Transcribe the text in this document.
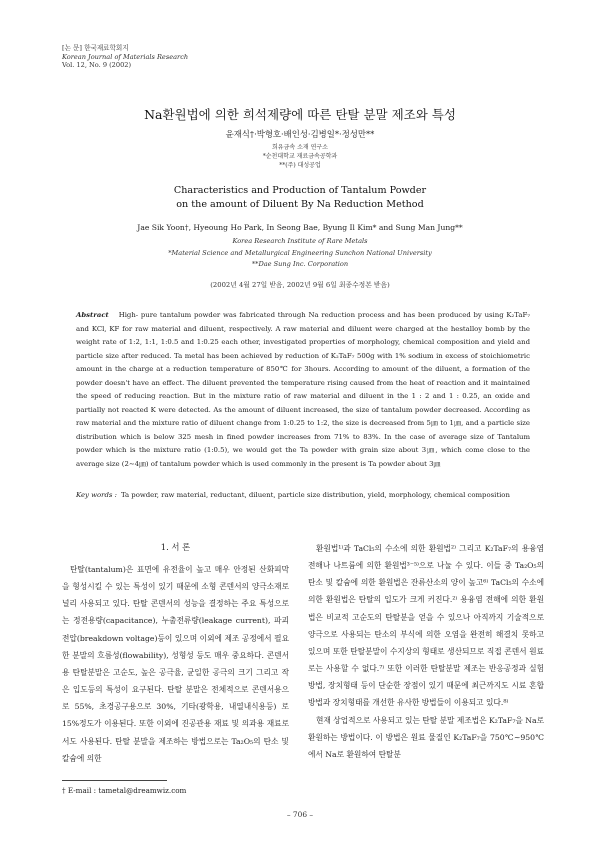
[논 문] 한국재료학회지
Korean Journal of Materials Research
Vol. 12, No. 9 (2002)
Na환원법에 의한 희석제량에 따른 탄탈 분말 제조와 특성
윤재식†·박형호·배인성·김병일*·정성만**
희유금속 소재 연구소
*순천대학교 재료금속공학과
**(주) 대성공업
Characteristics and Production of Tantalum Powder
on the amount of Diluent By Na Reduction Method
Jae Sik Yoon†, Hyeoung Ho Park, In Seong Bae, Byung Il Kim* and Sung Man Jung**
Korea Research Institute of Rare Metals
*Material Science and Metallurgical Engineering Sunchon National University
**Dae Sung Inc. Corporation
(2002년 4월 27일 받음, 2002년 9월 6일 최종수정본 받음)
Abstract High- pure tantalum powder was fabricated through Na reduction process and has been produced by using K₂TaF₇ and KCl, KF for raw material and diluent, respectively. A raw material and diluent were charged at the hestalloy bomb by the weight rate of 1:2, 1:1, 1:0.5 and 1:0.25 each other, investigated properties of morphology, chemical composition and yield and particle size after reduced. Ta metal has been achieved by reduction of K₂TaF₇ 500g with 1% sodium in excess of stoichiometric amount in the charge at a reduction temperature of 850℃ for 3hours. According to amount of the diluent, a formation of the powder doesn't have an effect. The diluent prevented the temperature rising caused from the heat of reaction and it maintained the speed of reducing reaction. But in the mixture ratio of raw material and diluent in the 1 : 2 and 1 : 0.25, an oxide and partially not reacted K were detected. As the amount of diluent increased, the size of tantalum powder decreased. According as raw material and the mixture ratio of diluent change from 1:0.25 to 1:2, the size is decreased from 5㎛ to 1㎛, and a particle size distribution which is below 325 mesh in fined powder increases from 71% to 83%. In the case of average size of Tantalum powder which is the mixture ratio (1:0.5), we would get the Ta powder with grain size about 3㎛, which come close to the average size (2∼4㎛) of tantalum powder which is used commonly in the present is Ta powder about 3㎛
Key words : Ta powder, raw material, reductant, diluent, particle size distribution, yield, morphology, chemical composition
1. 서 론

탄탈(tantalum)은 표면에 유전율이 높고 매우 안정된 산화피막을 형성시킬 수 있는 특성이 있기 때문에 소형 콘덴서의 양극소재로 널리 사용되고 있다. 탄탈 콘덴서의 성능을 결정하는 주요 특성으로는 정전용량(capacitance), 누출전류량(leakage current), 파괴전압(breakdown voltage)등이 있으며 이외에 제조 공정에서 필요한 분말의 흐름성(flowability), 성형성 등도 매우 중요하다. 콘덴서용 탄탈분말은 고순도, 높은 공극율, 균일한 공극의 크기 그리고 작은 입도등의 특성이 요구된다. 탄탈 분말은 전체적으로 콘덴서용으로 55%, 초경공구용으로 30%, 기타(광학용, 내열내식용등) 로 15%정도가 이용된다. 또한 이외에 진공관용 재료 및 의과용 재료로서도 사용된다. 탄탈 분말을 제조하는 방법으로는 Ta₂O₅의 탄소 및 칼슘에 의한

환원법¹⁾과 TaCl₅의 수소에 의한 환원법²⁾ 그리고 K₂TaF₇의 용융염 전해나 나트륨에 의한 환원법³⁻⁵⁾으로 나눌 수 있다. 이들 중 Ta₂O₅의 탄소 및 칼슘에 의한 환원법은 잔류산소의 양이 높고⁶⁾ TaCl₅의 수소에 의한 환원법은 탄탈의 입도가 크게 커진다.²⁾ 용융염 전해에 의한 환원법은 비교적 고순도의 탄탈분을 얻을 수 있으나 아직까지 기술적으로 양극으로 사용되는 탄소의 부식에 의한 오염을 완전히 해결치 못하고 있으며 또한 탄탈분말이 수지상의 형태로 생산되므로 직접 콘덴서 원료로는 사용할 수 없다.⁷⁾ 또한 이러한 탄탈분말 제조는 반응공정과 실험방법, 장치형태 등이 단순한 장점이 있기 때문에 최근까지도 시료 혼합방법과 장치형태를 개선한 유사한 방법들이 이용되고 있다.⁸⁾

현재 상업적으로 사용되고 있는 탄탈 분말 제조법은 K₂TaF₇을 Na로 환원하는 방법이다. 이 방법은 원료 물질인 K₂TaF₇을 750℃∼950℃에서 Na로 환원하여 탄탈분

† E-mail : tametal@dreamwiz.com
– 706 –
